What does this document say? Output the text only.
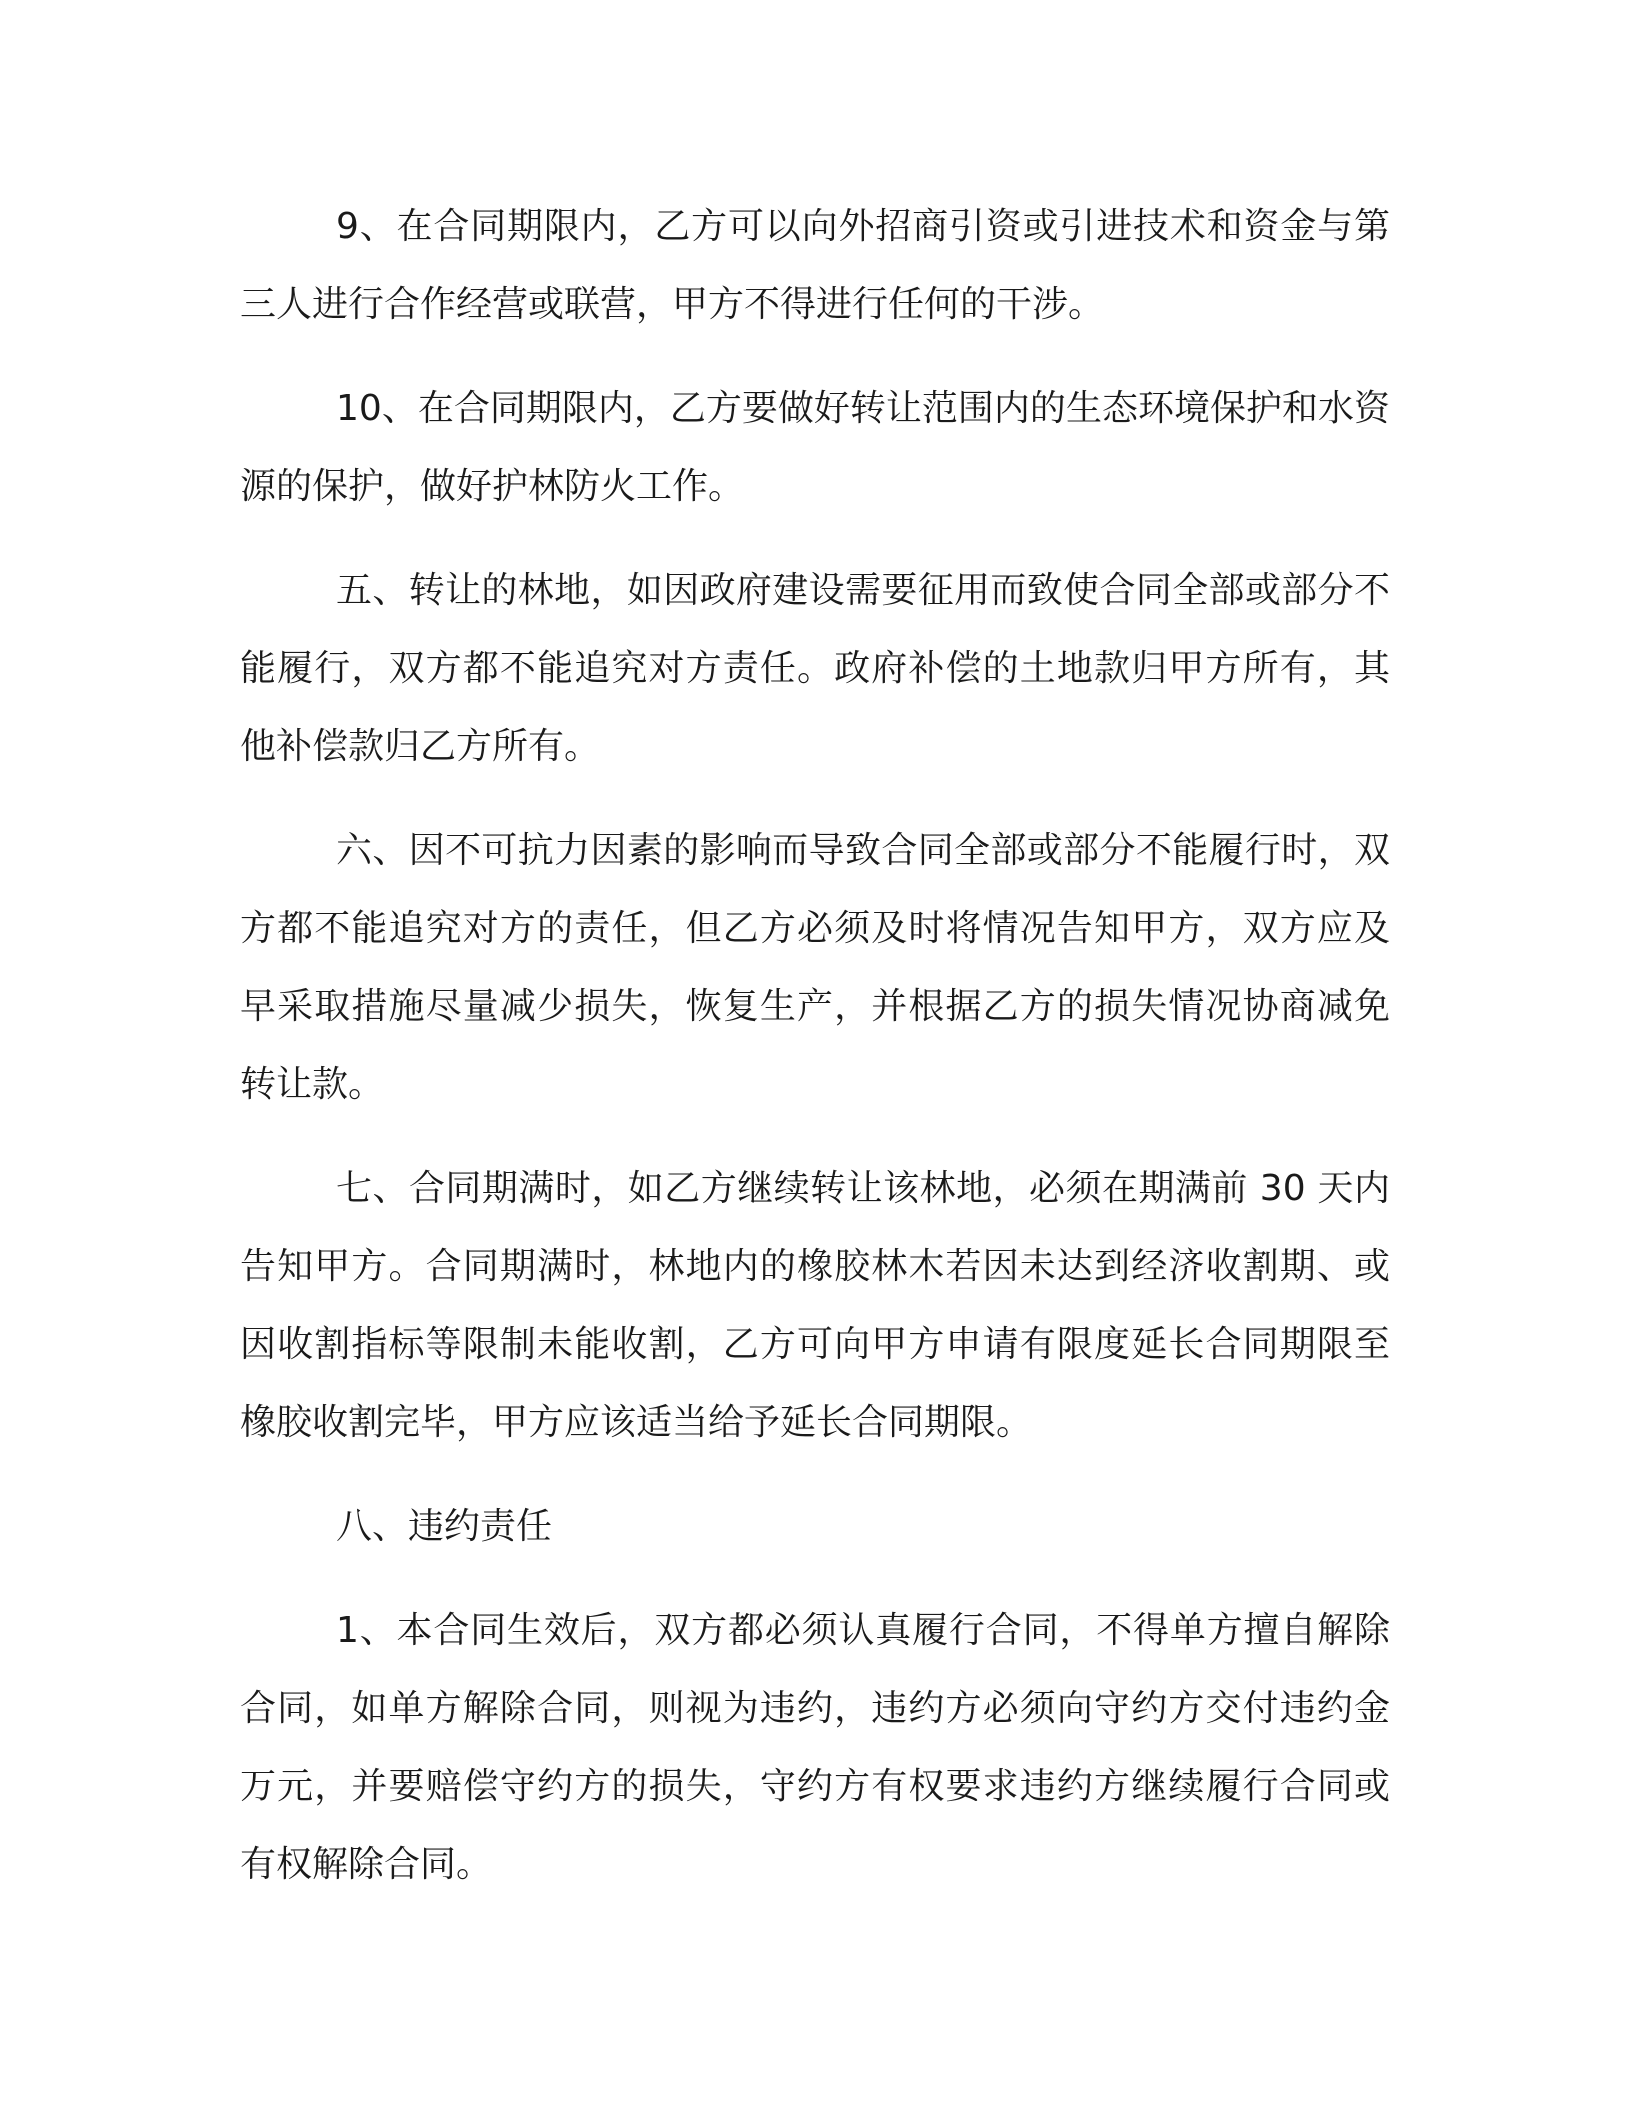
9、在合同期限内，乙方可以向外招商引资或引进技术和资金与第三人进行合作经营或联营，甲方不得进行任何的干涉。

10、在合同期限内，乙方要做好转让范围内的生态环境保护和水资源的保护，做好护林防火工作。

五、转让的林地，如因政府建设需要征用而致使合同全部或部分不能履行，双方都不能追究对方责任。政府补偿的土地款归甲方所有，其他补偿款归乙方所有。

六、因不可抗力因素的影响而导致合同全部或部分不能履行时，双方都不能追究对方的责任，但乙方必须及时将情况告知甲方，双方应及早采取措施尽量减少损失，恢复生产，并根据乙方的损失情况协商减免转让款。

七、合同期满时，如乙方继续转让该林地，必须在期满前 30 天内告知甲方。合同期满时，林地内的橡胶林木若因未达到经济收割期、或因收割指标等限制未能收割，乙方可向甲方申请有限度延长合同期限至橡胶收割完毕，甲方应该适当给予延长合同期限。

八、违约责任

1、本合同生效后，双方都必须认真履行合同，不得单方擅自解除合同，如单方解除合同，则视为违约，违约方必须向守约方交付违约金 万元，并要赔偿守约方的损失，守约方有权要求违约方继续履行合同或有权解除合同。
